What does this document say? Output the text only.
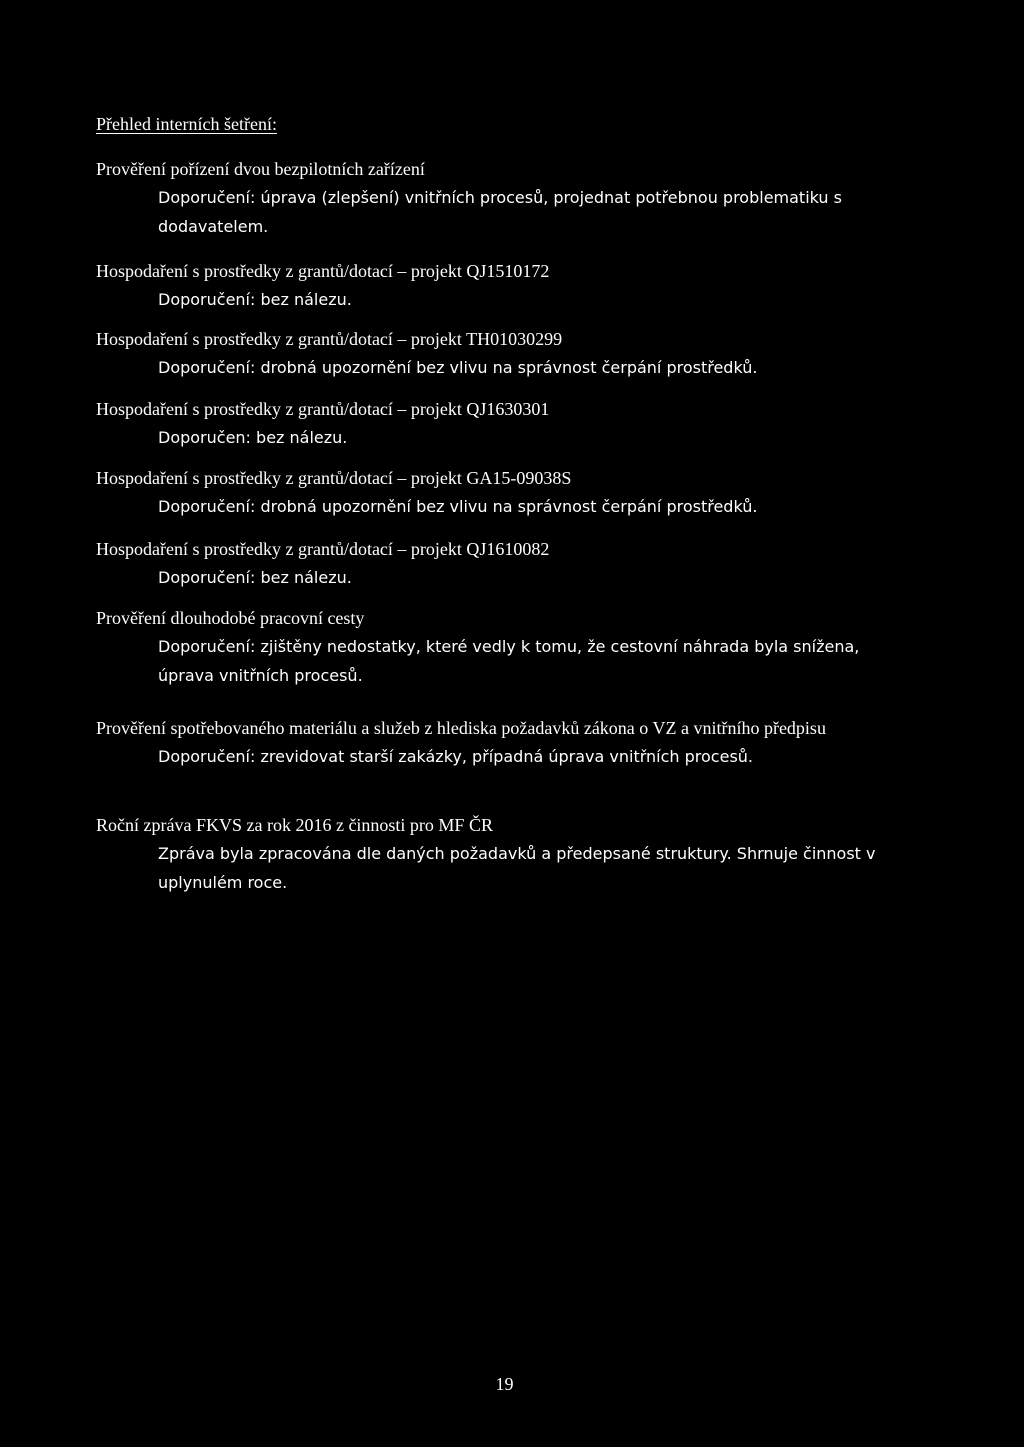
Přehled interních šetření:
Prověření pořízení dvou bezpilotních zařízení
Doporučení: úprava (zlepšení) vnitřních procesů, projednat potřebnou problematiku s dodavatelem.
Hospodaření s prostředky z grantů/dotací – projekt QJ1510172
Doporučení: bez nálezu.
Hospodaření s prostředky z grantů/dotací – projekt TH01030299
Doporučení: drobná upozornění bez vlivu na správnost čerpání prostředků.
Hospodaření s prostředky z grantů/dotací – projekt QJ1630301
Doporučen: bez nálezu.
Hospodaření s prostředky z grantů/dotací – projekt GA15-09038S
Doporučení: drobná upozornění bez vlivu na správnost čerpání prostředků.
Hospodaření s prostředky z grantů/dotací – projekt QJ1610082
Doporučení: bez nálezu.
Prověření dlouhodobé pracovní cesty
Doporučení: zjištěny nedostatky, které vedly k tomu, že cestovní náhrada byla snížena, úprava vnitřních procesů.
Prověření spotřebovaného materiálu a služeb z hlediska požadavků zákona o VZ a vnitřního předpisu
Doporučení: zrevidovat starší zakázky, případná úprava vnitřních procesů.
Roční zpráva FKVS za rok 2016 z činnosti pro MF ČR
Zpráva byla zpracována dle daných požadavků a předepsané struktury. Shrnuje činnost v uplynulém roce.
19
